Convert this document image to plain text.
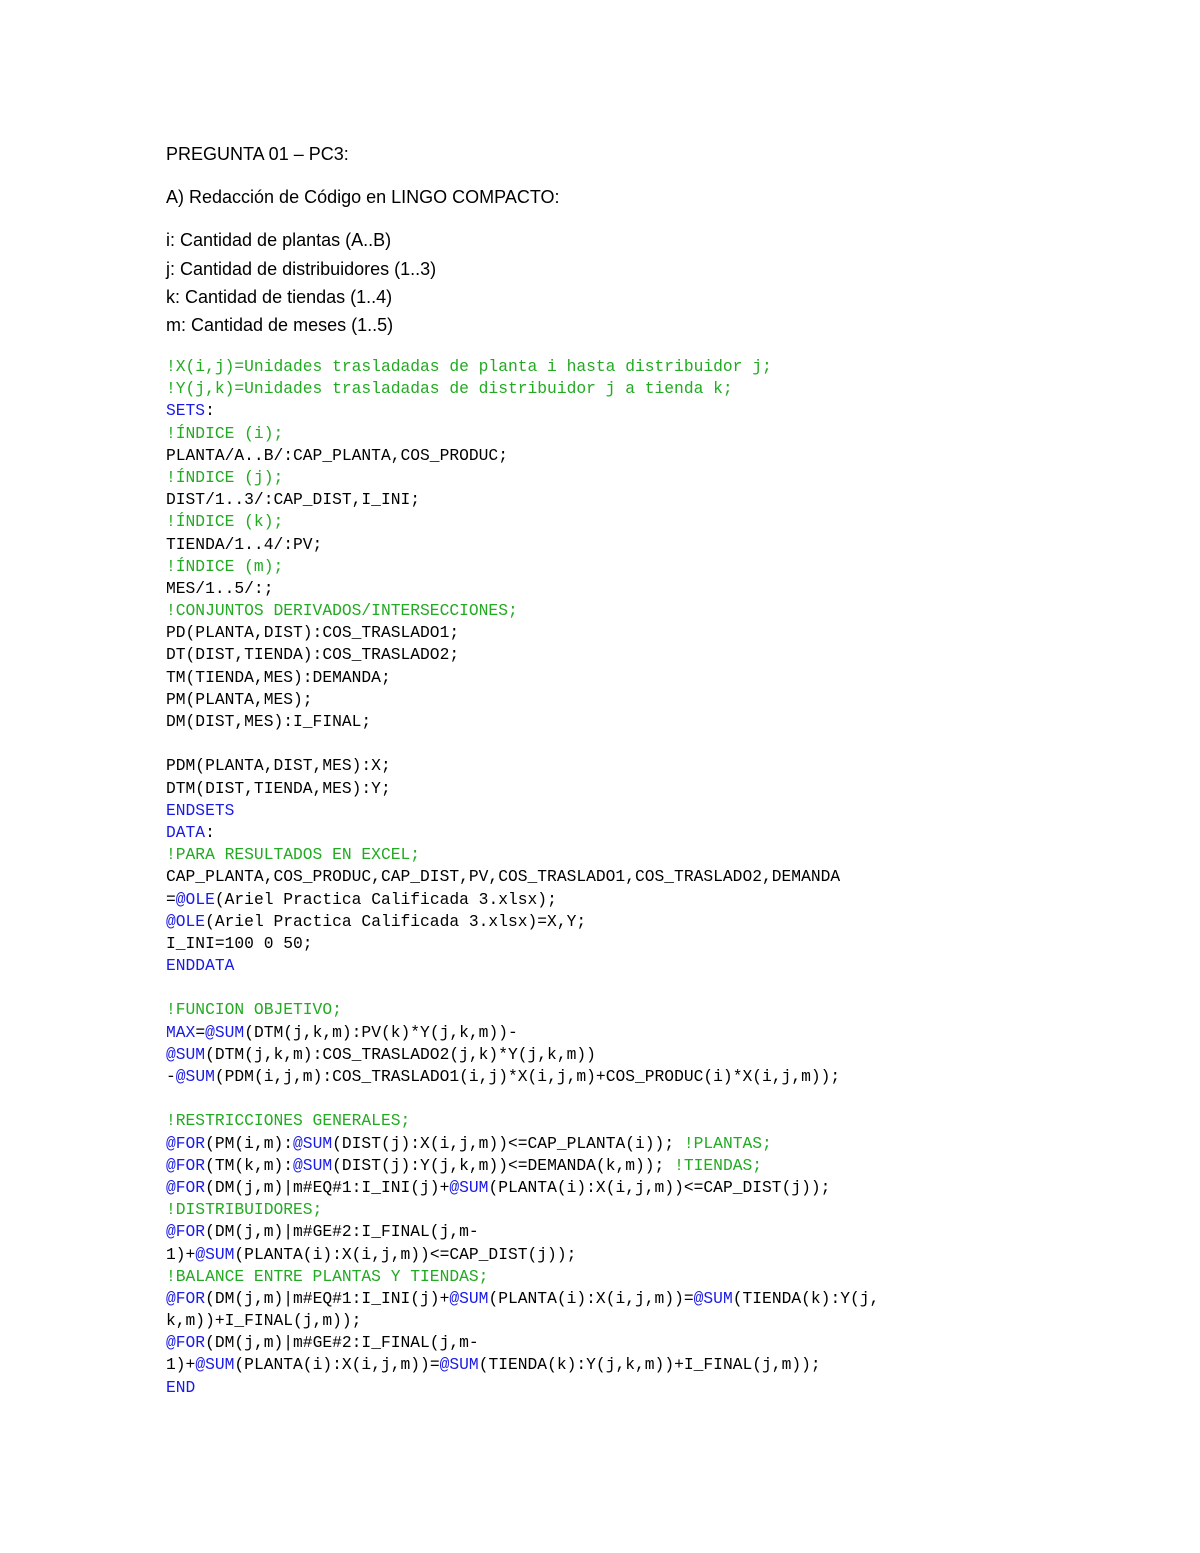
PREGUNTA 01 – PC3:
A) Redacción de Código en LINGO COMPACTO:
i: Cantidad de plantas (A..B)
j: Cantidad de distribuidores (1..3)
k: Cantidad de tiendas (1..4)
m: Cantidad de meses (1..5)
!X(i,j)=Unidades trasladadas de planta i hasta distribuidor j;
!Y(j,k)=Unidades trasladadas de distribuidor j a tienda k;
SETS:
!ÍNDICE (i);
PLANTA/A..B/:CAP_PLANTA,COS_PRODUC;
!ÍNDICE (j);
DIST/1..3/:CAP_DIST,I_INI;
!ÍNDICE (k);
TIENDA/1..4/:PV;
!ÍNDICE (m);
MES/1..5/:;
!CONJUNTOS DERIVADOS/INTERSECCIONES;
PD(PLANTA,DIST):COS_TRASLADO1;
DT(DIST,TIENDA):COS_TRASLADO2;
TM(TIENDA,MES):DEMANDA;
PM(PLANTA,MES);
DM(DIST,MES):I_FINAL;
PDM(PLANTA,DIST,MES):X;
DTM(DIST,TIENDA,MES):Y;
ENDSETS
DATA:
!PARA RESULTADOS EN EXCEL;
CAP_PLANTA,COS_PRODUC,CAP_DIST,PV,COS_TRASLADO1,COS_TRASLADO2,DEMANDA
=@OLE(Ariel Practica Calificada 3.xlsx);
@OLE(Ariel Practica Calificada 3.xlsx)=X,Y;
I_INI=100 0 50;
ENDDATA
!FUNCION OBJETIVO;
MAX=@SUM(DTM(j,k,m):PV(k)*Y(j,k,m))-
@SUM(DTM(j,k,m):COS_TRASLADO2(j,k)*Y(j,k,m))
-@SUM(PDM(i,j,m):COS_TRASLADO1(i,j)*X(i,j,m)+COS_PRODUC(i)*X(i,j,m));
!RESTRICCIONES GENERALES;
@FOR(PM(i,m):@SUM(DIST(j):X(i,j,m))<=CAP_PLANTA(i)); !PLANTAS;
@FOR(TM(k,m):@SUM(DIST(j):Y(j,k,m))<=DEMANDA(k,m)); !TIENDAS;
@FOR(DM(j,m)|m#EQ#1:I_INI(j)+@SUM(PLANTA(i):X(i,j,m))<=CAP_DIST(j));
!DISTRIBUIDORES;
@FOR(DM(j,m)|m#GE#2:I_FINAL(j,m-
1)+@SUM(PLANTA(i):X(i,j,m))<=CAP_DIST(j));
!BALANCE ENTRE PLANTAS Y TIENDAS;
@FOR(DM(j,m)|m#EQ#1:I_INI(j)+@SUM(PLANTA(i):X(i,j,m))=@SUM(TIENDA(k):Y(j,
k,m))+I_FINAL(j,m));
@FOR(DM(j,m)|m#GE#2:I_FINAL(j,m-
1)+@SUM(PLANTA(i):X(i,j,m))=@SUM(TIENDA(k):Y(j,k,m))+I_FINAL(j,m));
END
